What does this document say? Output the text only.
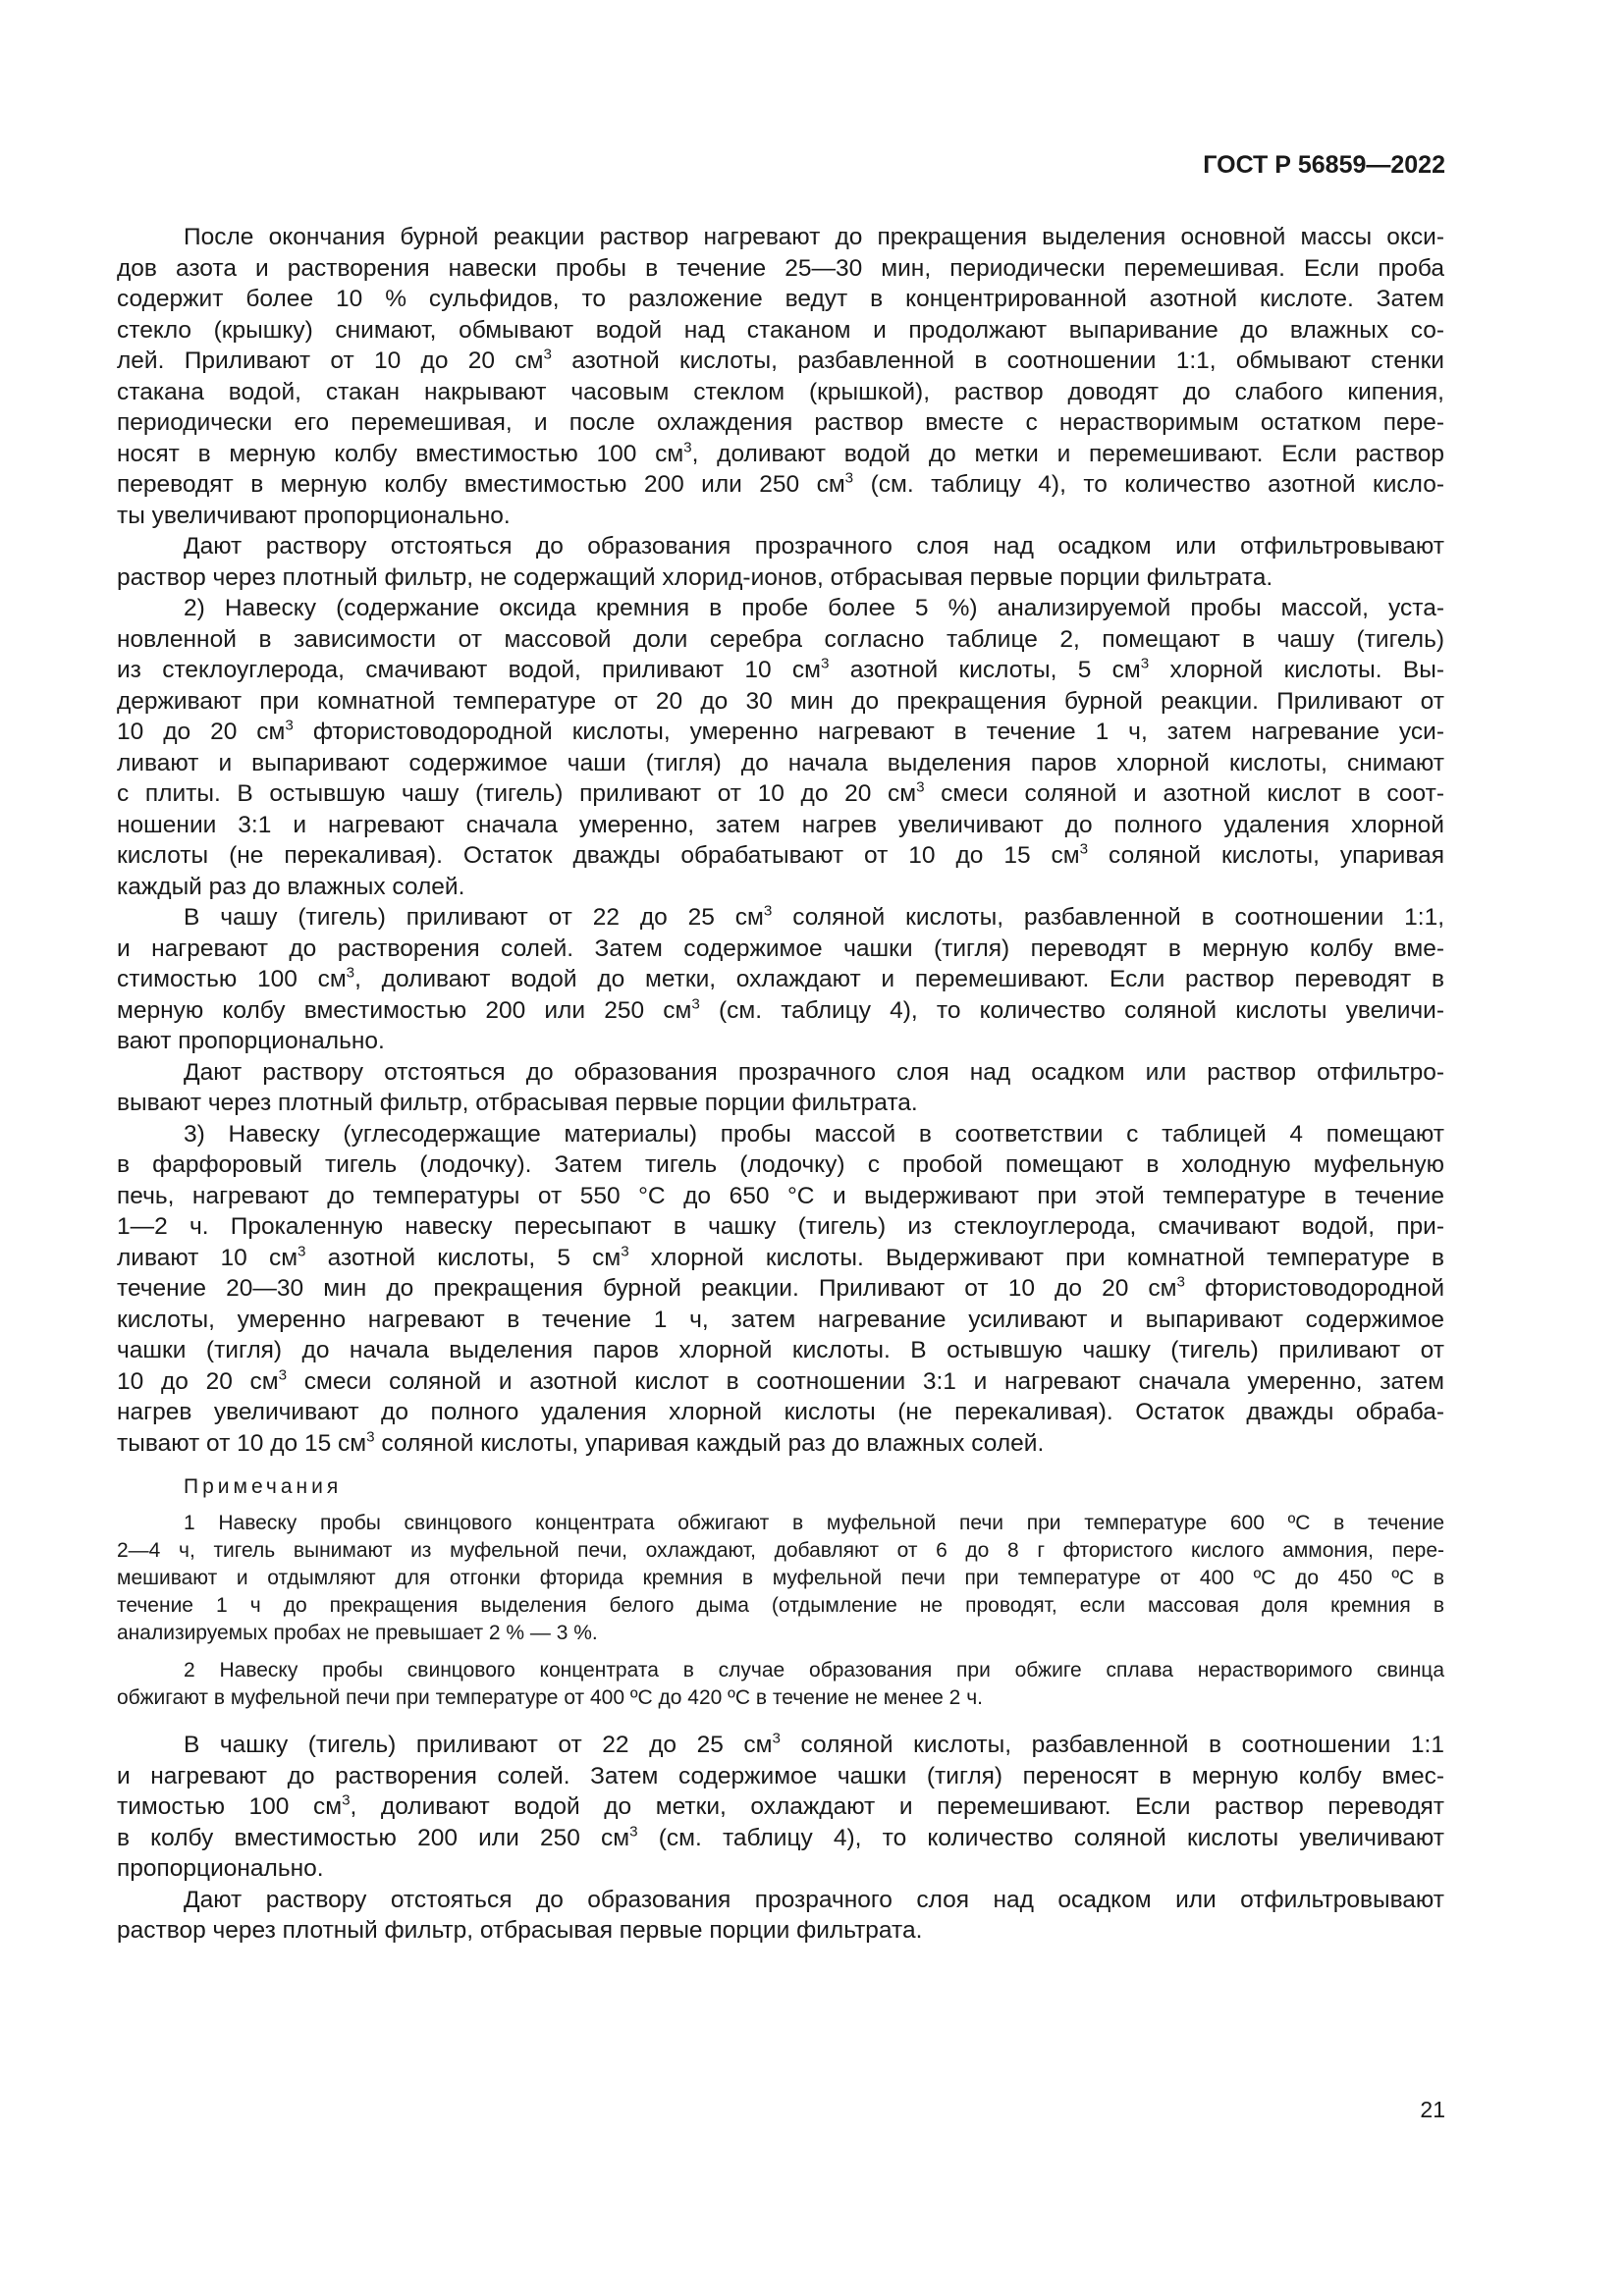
ГОСТ Р 56859—2022
После окончания бурной реакции раствор нагревают до прекращения выделения основной массы окси-
дов азота и растворения навески пробы в течение 25—30 мин, периодически перемешивая. Если проба
содержит более 10 % сульфидов, то разложение ведут в концентрированной азотной кислоте. Затем
стекло (крышку) снимают, обмывают водой над стаканом и продолжают выпаривание до влажных со-
лей. Приливают от 10 до 20 $см^3$ азотной кислоты, разбавленной в соотношении 1:1, обмывают стенки
стакана водой, стакан накрывают часовым стеклом (крышкой), раствор доводят до слабого кипения,
периодически его перемешивая, и после охлаждения раствор вместе с нерастворимым остатком пере-
носят в мерную колбу вместимостью 100 $см^3$, доливают водой до метки и перемешивают. Если раствор
переводят в мерную колбу вместимостью 200 или 250 $см^3$ (см. таблицу 4), то количество азотной кисло-
ты увеличивают пропорционально.
Дают раствору отстояться до образования прозрачного слоя над осадком или отфильтровывают
раствор через плотный фильтр, не содержащий хлорид-ионов, отбрасывая первые порции фильтрата.
2) Навеску (содержание оксида кремния в пробе более 5 %) анализируемой пробы массой, уста-
новленной в зависимости от массовой доли серебра согласно таблице 2, помещают в чашу (тигель)
из стеклоуглерода, смачивают водой, приливают 10 $см^3$ азотной кислоты, 5 $см^3$ хлорной кислоты. Вы-
держивают при комнатной температуре от 20 до 30 мин до прекращения бурной реакции. Приливают от
10 до 20 $см^3$ фтористоводородной кислоты, умеренно нагревают в течение 1 ч, затем нагревание уси-
ливают и выпаривают содержимое чаши (тигля) до начала выделения паров хлорной кислоты, снимают
с плиты. В остывшую чашу (тигель) приливают от 10 до 20 $см^3$ смеси соляной и азотной кислот в соот-
ношении 3:1 и нагревают сначала умеренно, затем нагрев увеличивают до полного удаления хлорной
кислоты (не перекаливая). Остаток дважды обрабатывают от 10 до 15 $см^3$ соляной кислоты, упаривая
каждый раз до влажных солей.
В чашу (тигель) приливают от 22 до 25 $см^3$ соляной кислоты, разбавленной в соотношении 1:1,
и нагревают до растворения солей. Затем содержимое чашки (тигля) переводят в мерную колбу вме-
стимостью 100 $см^3$, доливают водой до метки, охлаждают и перемешивают. Если раствор переводят в
мерную колбу вместимостью 200 или 250 $см^3$ (см. таблицу 4), то количество соляной кислоты увеличи-
вают пропорционально.
Дают раствору отстояться до образования прозрачного слоя над осадком или раствор отфильтро-
вывают через плотный фильтр, отбрасывая первые порции фильтрата.
3) Навеску (углесодержащие материалы) пробы массой в соответствии с таблицей 4 помещают
в фарфоровый тигель (лодочку). Затем тигель (лодочку) с пробой помещают в холодную муфельную
печь, нагревают до температуры от 550 °С до 650 °С и выдерживают при этой температуре в течение
1—2 ч. Прокаленную навеску пересыпают в чашку (тигель) из стеклоуглерода, смачивают водой, при-
ливают 10 $см^3$ азотной кислоты, 5 $см^3$ хлорной кислоты. Выдерживают при комнатной температуре в
течение 20—30 мин до прекращения бурной реакции. Приливают от 10 до 20 $см^3$ фтористоводородной
кислоты, умеренно нагревают в течение 1 ч, затем нагревание усиливают и выпаривают содержимое
чашки (тигля) до начала выделения паров хлорной кислоты. В остывшую чашку (тигель) приливают от
10 до 20 $см^3$ смеси соляной и азотной кислот в соотношении 3:1 и нагревают сначала умеренно, затем
нагрев увеличивают до полного удаления хлорной кислоты (не перекаливая). Остаток дважды обраба-
тывают от 10 до 15 $см^3$ соляной кислоты, упаривая каждый раз до влажных солей.
Примечания
1 Навеску пробы свинцового концентрата обжигают в муфельной печи при температуре 600 ºС в течение
2—4 ч, тигель вынимают из муфельной печи, охлаждают, добавляют от 6 до 8 г фтористого кислого аммония, пере-
мешивают и отдымляют для отгонки фторида кремния в муфельной печи при температуре от 400 ºС до 450 ºС в
течение 1 ч до прекращения выделения белого дыма (отдымление не проводят, если массовая доля кремния в
анализируемых пробах не превышает 2 % — 3 %.
2 Навеску пробы свинцового концентрата в случае образования при обжиге сплава нерастворимого свинца
обжигают в муфельной печи при температуре от 400 ºС до 420 ºС в течение не менее 2 ч.
В чашку (тигель) приливают от 22 до 25 $см^3$ соляной кислоты, разбавленной в соотношении 1:1
и нагревают до растворения солей. Затем содержимое чашки (тигля) переносят в мерную колбу вмес-
тимостью 100 $см^3$, доливают водой до метки, охлаждают и перемешивают. Если раствор переводят
в колбу вместимостью 200 или 250 $см^3$ (см. таблицу 4), то количество соляной кислоты увеличивают
пропорционально.
Дают раствору отстояться до образования прозрачного слоя над осадком или отфильтровывают
раствор через плотный фильтр, отбрасывая первые порции фильтрата.
21
